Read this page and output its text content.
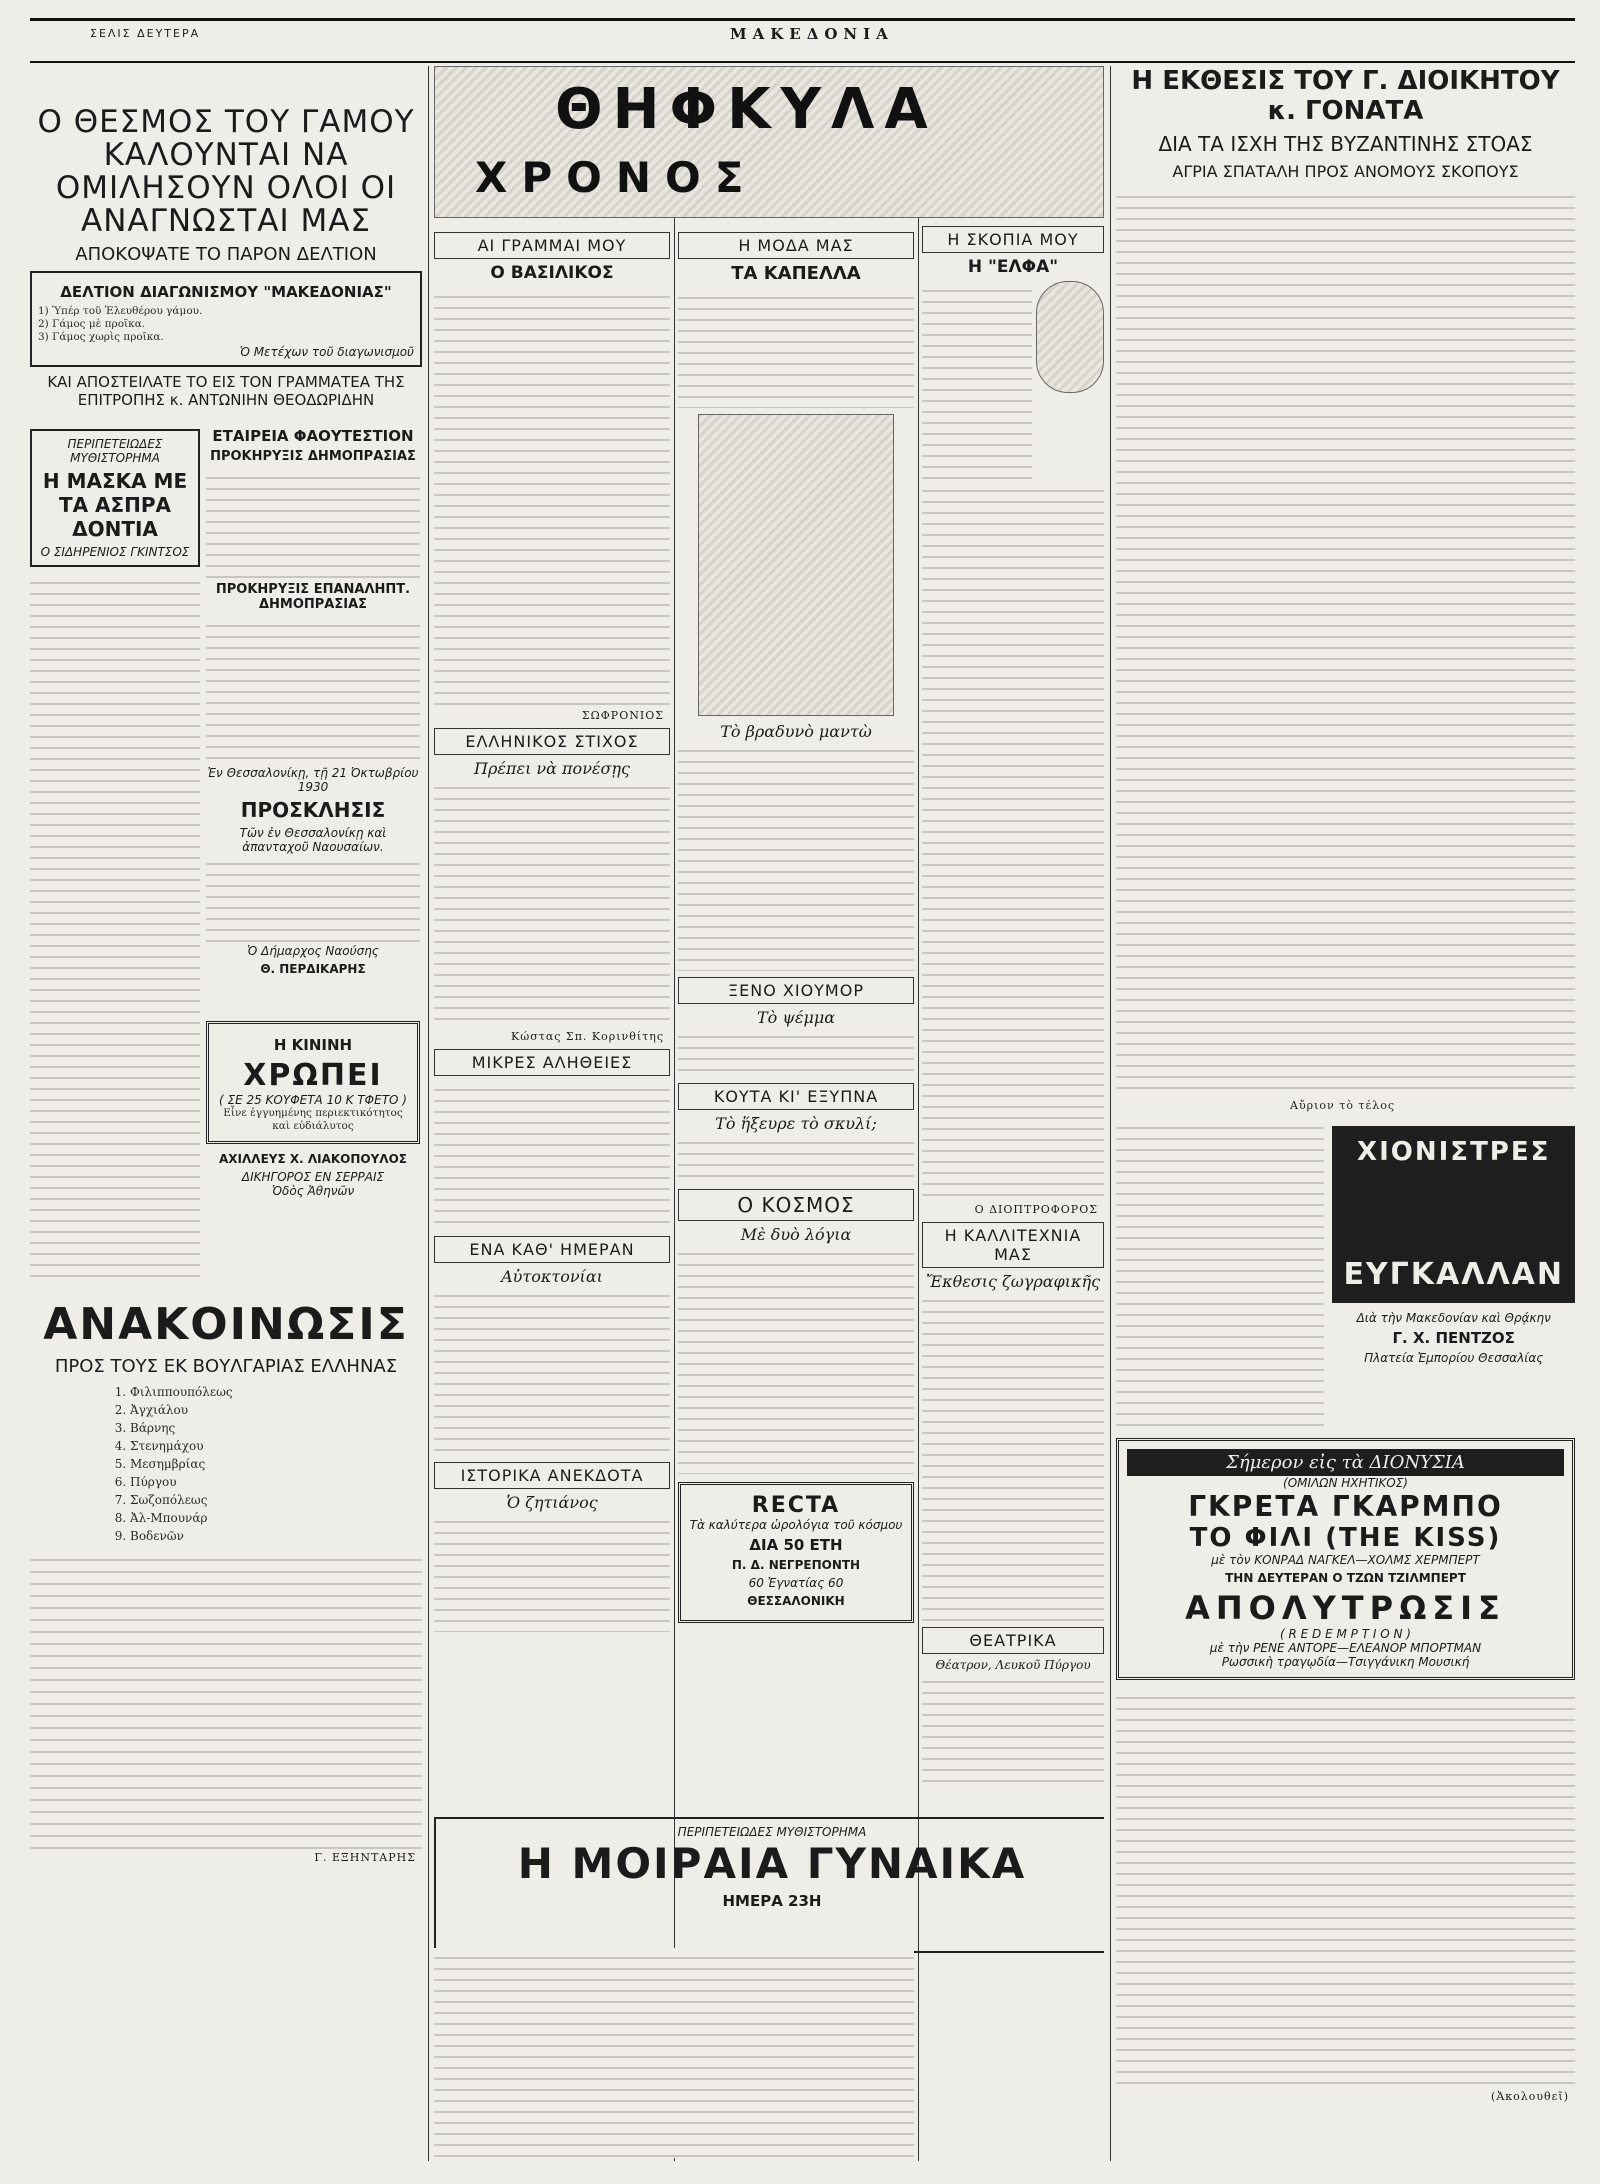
ΣΕΛΙΣ ΔΕΥΤΕΡΑ	ΜΑΚΕΔΟΝΙΑ
Ο ΘΕΣΜΟΣ ΤΟΥ ΓΑΜΟΥ ΚΑΛΟΥΝΤΑΙ ΝΑ ΟΜΙΛΗΣΟΥΝ ΟΛΟΙ ΟΙ ΑΝΑΓΝΩΣΤΑΙ ΜΑΣ
ΑΠΟΚΟΨΑΤΕ ΤΟ ΠΑΡΟΝ ΔΕΛΤΙΟΝ
ΔΕΛΤΙΟΝ ΔΙΑΓΩΝΙΣΜΟΥ "ΜΑΚΕΔΟΝΙΑΣ"
1) Ὑπέρ τοῦ Ἐλευθέρου γάμου.
2) Γάμος μὲ προῖκα.
3) Γάμος χωρὶς προῖκα.
Ὁ Μετέχων τοῦ διαγωνισμοῦ
ΚΑΙ ΑΠΟΣΤΕΙΛΑΤΕ ΤΟ ΕΙΣ ΤΟΝ ΓΡΑΜΜΑΤΕΑ ΤΗΣ ΕΠΙΤΡΟΠΗΣ κ. ΑΝΤΩΝΙΗΝ ΘΕΟΔΩΡΙΔΗΝ
ΠΕΡΙΠΕΤΕΙΩΔΕΣ ΜΥΘΙΣΤΟΡΗΜΑ
Η ΜΑΣΚΑ ΜΕ ΤΑ ΑΣΠΡΑ ΔΟΝΤΙΑ
Ο ΣΙΔΗΡΕΝΙΟΣ ΓΚΙΝΤΣΟΣ
ΕΤΑΙΡΕΙΑ ΦΑΟΥΤΕΣΤΙΟΝ
ΠΡΟΚΗΡΥΞΙΣ ΔΗΜΟΠΡΑΣΙΑΣ
ΠΡΟΚΗΡΥΞΙΣ ΕΠΑΝΑΛΗΠΤ. ΔΗΜΟΠΡΑΣΙΑΣ
Ἐν Θεσσαλονίκῃ, τῇ 21 Ὀκτωβρίου 1930
ΠΡΟΣΚΛΗΣΙΣ
Τῶν ἐν Θεσσαλονίκῃ καὶ ἀπανταχοῦ Ναουσαίων.
Ὁ Δήμαρχος Ναούσης
Θ. ΠΕΡΔΙΚΑΡΗΣ
Η ΚΙΝΙΝΗ
ΧΡΩΠΕΙ
( ΣΕ 25 ΚΟΥΦΕΤΑ 10 Κ ΤΦΕΤΟ )
Εἶνε ἐγγυημένης περιεκτικότητος καὶ εὐδιάλυτος
ΑΧΙΛΛΕΥΣ Χ. ΛΙΑΚΟΠΟΥΛΟΣ
ΔΙΚΗΓΟΡΟΣ ΕΝ ΣΕΡΡΑΙΣ
Ὁδὸς Ἀθηνῶν
ΑΝΑΚΟΙΝΩΣΙΣ
ΠΡΟΣ ΤΟΥΣ ΕΚ ΒΟΥΛΓΑΡΙΑΣ ΕΛΛΗΝΑΣ
1. Φιλιππουπόλεως
2. Ἀγχιάλου
3. Βάρνης
4. Στενημάχου
5. Μεσημβρίας
6. Πύργου
7. Σωζοπόλεως
8. Ἀλ-Μπουνάρ
9. Βοδενῶν
Γ. ΕΞΗΝΤΑΡΗΣ
ΘΗΦΚΥΛΑ
ΧΡΟΝΟΣ
ΑΙ ΓΡΑΜΜΑΙ ΜΟΥ
Ο ΒΑΣΙΛΙΚΟΣ
ΣΩΦΡΟΝΙΟΣ
ΕΛΛΗΝΙΚΟΣ ΣΤΙΧΟΣ
Πρέπει νὰ πονέσῃς
Κώστας Σπ. Κορινθίτης
ΜΙΚΡΕΣ ΑΛΗΘΕΙΕΣ
ΕΝΑ ΚΑΘ' ΗΜΕΡΑΝ
Αὐτοκτονίαι
ΙΣΤΟΡΙΚΑ ΑΝΕΚΔΟΤΑ
Ὁ ζητιάνος
Η ΜΟΔΑ ΜΑΣ
ΤΑ ΚΑΠΕΛΛΑ
Τὸ βραδυνὸ μαντὼ
ΞΕΝΟ ΧΙΟΥΜΟΡ
Τὸ ψέμμα
ΚΟΥΤΑ ΚΙ' ΕΞΥΠΝΑ
Τὸ ἥξευρε τὸ σκυλί;
Ο ΚΟΣΜΟΣ
Μὲ δυὸ λόγια
RECTA
Τὰ καλύτερα ὡρολόγια τοῦ κόσμου
ΔΙΑ 50 ΕΤΗ
Π. Δ. ΝΕΓΡΕΠΟΝΤΗ
60 Ἐγνατίας 60
ΘΕΣΣΑΛΟΝΙΚΗ
Η ΣΚΟΠΙΑ ΜΟΥ
Η "ΕΛΦΑ"
Ο ΔΙΟΠΤΡΟΦΟΡΟΣ
Η ΚΑΛΛΙΤΕΧΝΙΑ ΜΑΣ
Ἔκθεσις ζωγραφικῆς
ΘΕΑΤΡΙΚΑ
Θέατρον, Λευκοῦ Πύργου
ΠΕΡΙΠΕΤΕΙΩΔΕΣ ΜΥΘΙΣΤΟΡΗΜΑ
Η ΜΟΙΡΑΙΑ ΓΥΝΑΙΚΑ
ΗΜΕΡΑ 23Η
Η ΕΚΘΕΣΙΣ ΤΟΥ Γ. ΔΙΟΙΚΗΤΟΥ κ. ΓΟΝΑΤΑ
ΔΙΑ ΤΑ ΙΣΧΗ ΤΗΣ ΒΥΖΑΝΤΙΝΗΣ ΣΤΟΑΣ
ΑΓΡΙΑ ΣΠΑΤΑΛΗ ΠΡΟΣ ΑΝΟΜΟΥΣ ΣΚΟΠΟΥΣ
Αὔριον τὸ τέλος
ΧΙΟΝΙΣΤΡΕΣ
ΕΥΓΚΑΛΛΑΝ
Διὰ τὴν Μακεδονίαν καὶ Θρᾴκην
Γ. Χ. ΠΕΝΤΖΟΣ
Πλατεία Ἐμπορίου Θεσσαλίας
Σήμερον εἰς τὰ ΔΙΟΝΥΣΙΑ
(ΟΜΙΛΩΝ ΗΧΗΤΙΚΟΣ)
ΓΚΡΕΤΑ ΓΚΑΡΜΠΟ
ΤΟ ΦΙΛΙ (THE KISS)
μὲ τὸν ΚΟΝΡΑΔ ΝΑΓΚΕΛ—ΧΟΛΜΣ ΧΕΡΜΠΕΡΤ
ΤΗΝ ΔΕΥΤΕΡΑΝ Ο ΤΖΩΝ ΤΖΙΛΜΠΕΡΤ
ΑΠΟΛΥΤΡΩΣΙΣ
( R E D E M P T I O N )
μὲ τὴν ΡΕΝΕ ΑΝΤΟΡΕ—ΕΛΕΑΝΟΡ ΜΠΟΡΤΜΑΝ
Ρωσσικὴ τραγῳδία—Τσιγγάνικη Μουσική
(Ἀκολουθεῖ)
